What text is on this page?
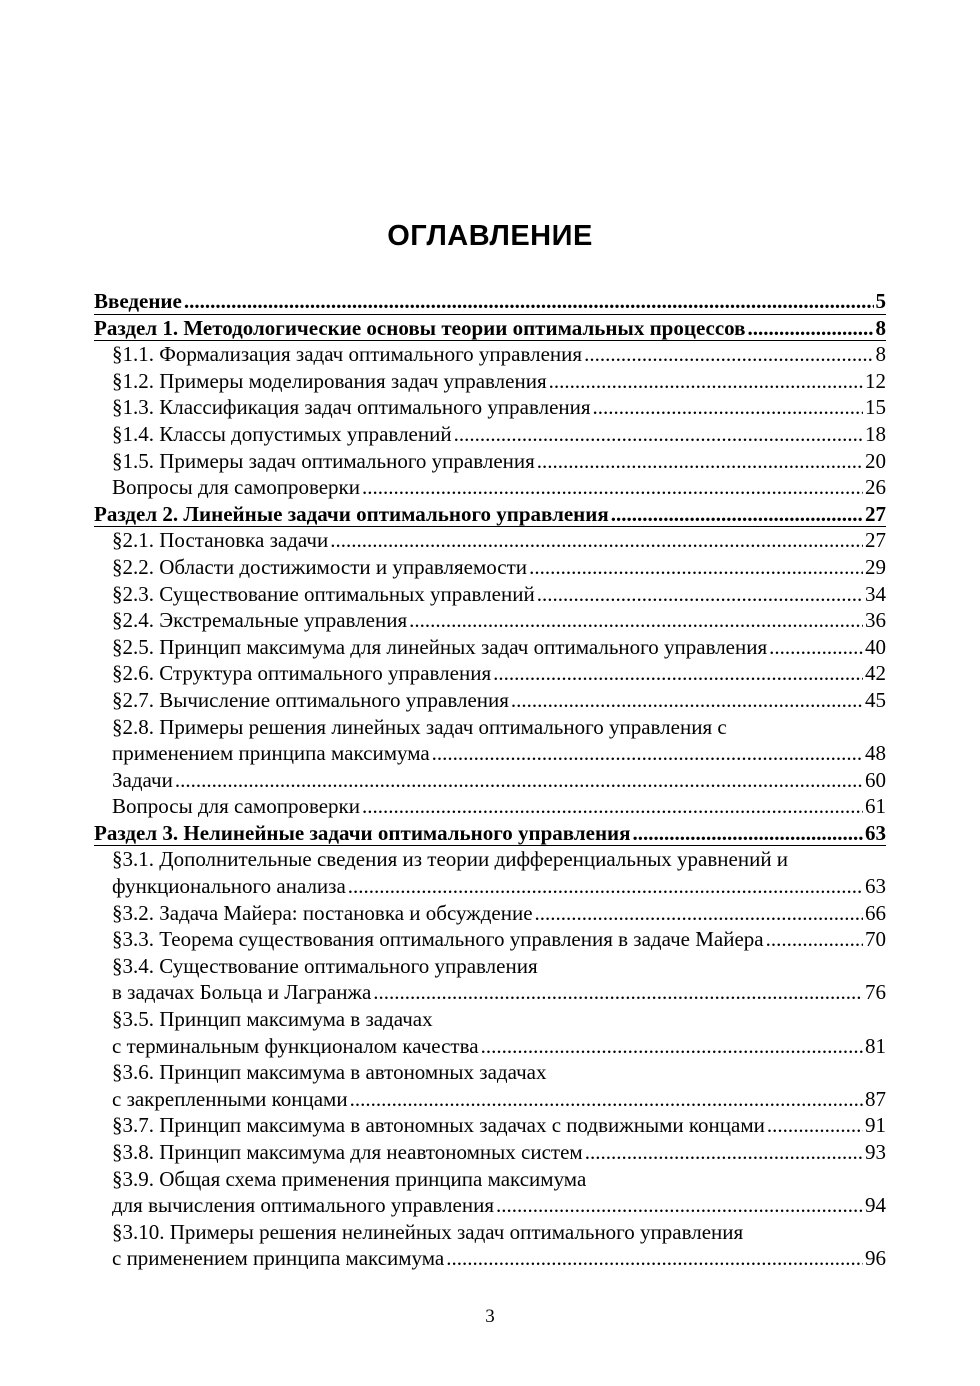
ОГЛАВЛЕНИЕ
Введение .....	5
Раздел 1. Методологические основы теории оптимальных процессов .....	8
§1.1. Формализация задач оптимального управления .....	8
§1.2. Примеры моделирования задач управления .....	12
§1.3. Классификация задач оптимального управления .....	15
§1.4. Классы допустимых управлений .....	18
§1.5. Примеры задач оптимального управления .....	20
Вопросы для самопроверки .....	26
Раздел 2. Линейные задачи оптимального управления .....	27
§2.1. Постановка задачи .....	27
§2.2. Области достижимости и управляемости .....	29
§2.3. Существование оптимальных управлений .....	34
§2.4. Экстремальные управления .....	36
§2.5. Принцип максимума для линейных задач оптимального управления .....	40
§2.6. Структура оптимального управления .....	42
§2.7. Вычисление оптимального управления .....	45
§2.8. Примеры решения линейных задач оптимального управления с
применением принципа максимума .....	48
Задачи .....	60
Вопросы для самопроверки .....	61
Раздел 3. Нелинейные задачи оптимального управления .....	63
§3.1. Дополнительные сведения из теории дифференциальных уравнений и
функционального анализа .....	63
§3.2. Задача Майера: постановка и обсуждение .....	66
§3.3. Теорема существования оптимального управления в задаче Майера .....	70
§3.4. Существование оптимального управления
в задачах Больца и Лагранжа .....	76
§3.5. Принцип максимума в задачах
с терминальным функционалом качества .....	81
§3.6. Принцип максимума в автономных задачах
с закрепленными концами .....	87
§3.7. Принцип максимума в автономных задачах с подвижными концами .....	91
§3.8. Принцип максимума для неавтономных систем .....	93
§3.9. Общая схема применения принципа максимума
для вычисления оптимального управления .....	94
§3.10. Примеры решения нелинейных задач оптимального управления
с применением принципа максимума .....	96
3
